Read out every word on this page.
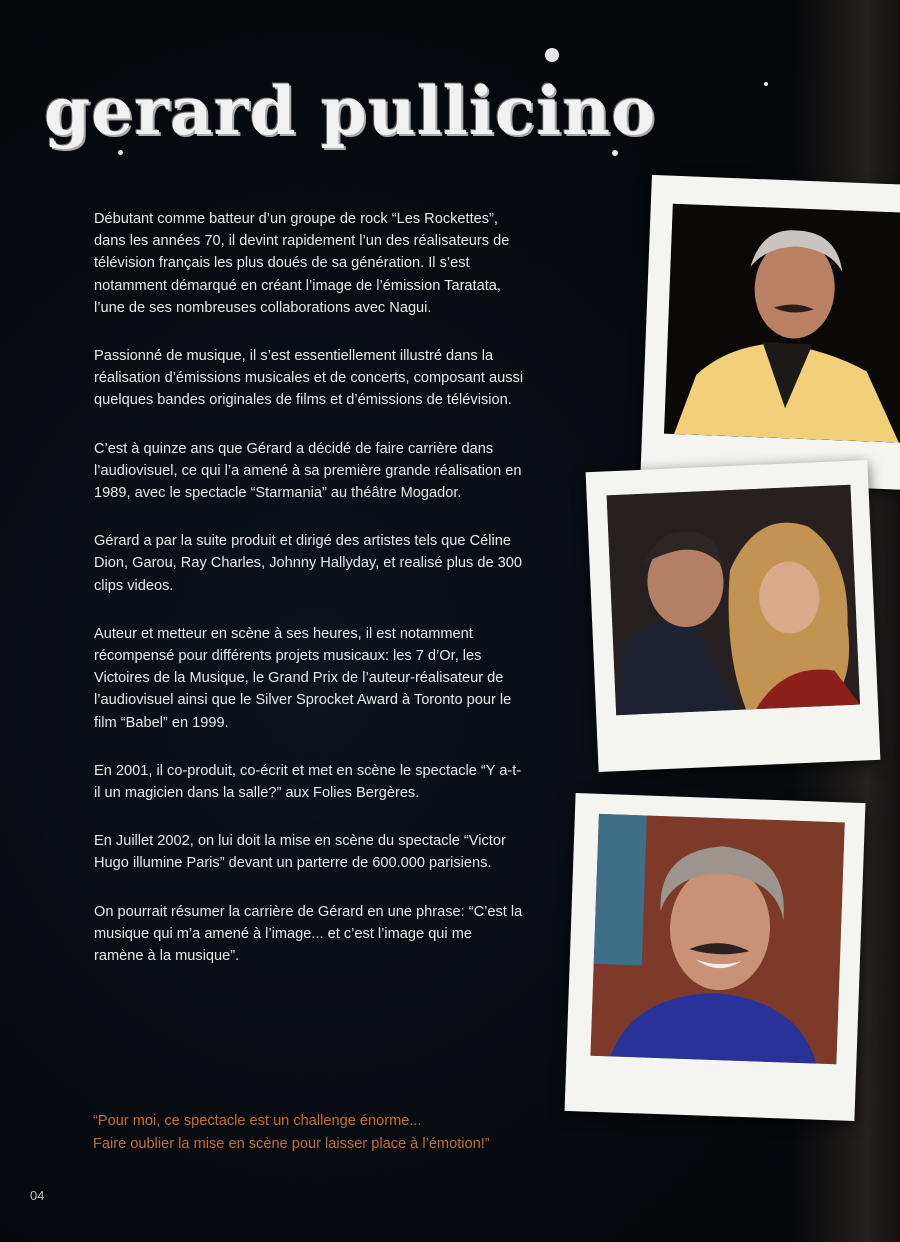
gerard pullicino

Débutant comme batteur d’un groupe de rock “Les Rockettes”, dans les années 70, il devint rapidement l’un des réalisateurs de télévision français les plus doués de sa génération. Il s’est notamment démarqué en créant l’image de l’émission Taratata, l’une de ses nombreuses collaborations avec Nagui.

Passionné de musique, il s’est essentiellement illustré dans la réalisation d’émissions musicales et de concerts, composant aussi quelques bandes originales de films et d’émissions de télévision.

C’est à quinze ans que Gérard a décidé de faire carrière dans l’audiovisuel, ce qui l’a amené à sa première grande réalisation en 1989, avec le spectacle “Starmania” au théâtre Mogador.

Gérard a par la suite produit et dirigé des artistes tels que Céline Dion, Garou, Ray Charles, Johnny Hallyday, et realisé plus de 300 clips videos.

Auteur et metteur en scène à ses heures, il est notamment récompensé pour différents projets musicaux: les 7 d’Or, les Victoires de la Musique, le Grand Prix de l’auteur-réalisateur de l’audiovisuel ainsi que le Silver Sprocket Award à Toronto pour le film “Babel” en 1999.

En 2001, il co-produit, co-écrit et met en scène le spectacle “Y a-t-il un magicien dans la salle?” aux Folies Bergères.

En Juillet 2002, on lui doit la mise en scène du spectacle “Victor Hugo illumine Paris” devant un parterre de 600.000 parisiens.

On pourrait résumer la carrière de Gérard en une phrase: “C’est la musique qui m’a amené à l’image... et c’est l’image qui me ramène à la musique”.

“Pour moi, ce spectacle est un challenge énorme...
Faire oublier la mise en scène pour laisser place à l’émotion!”

04
